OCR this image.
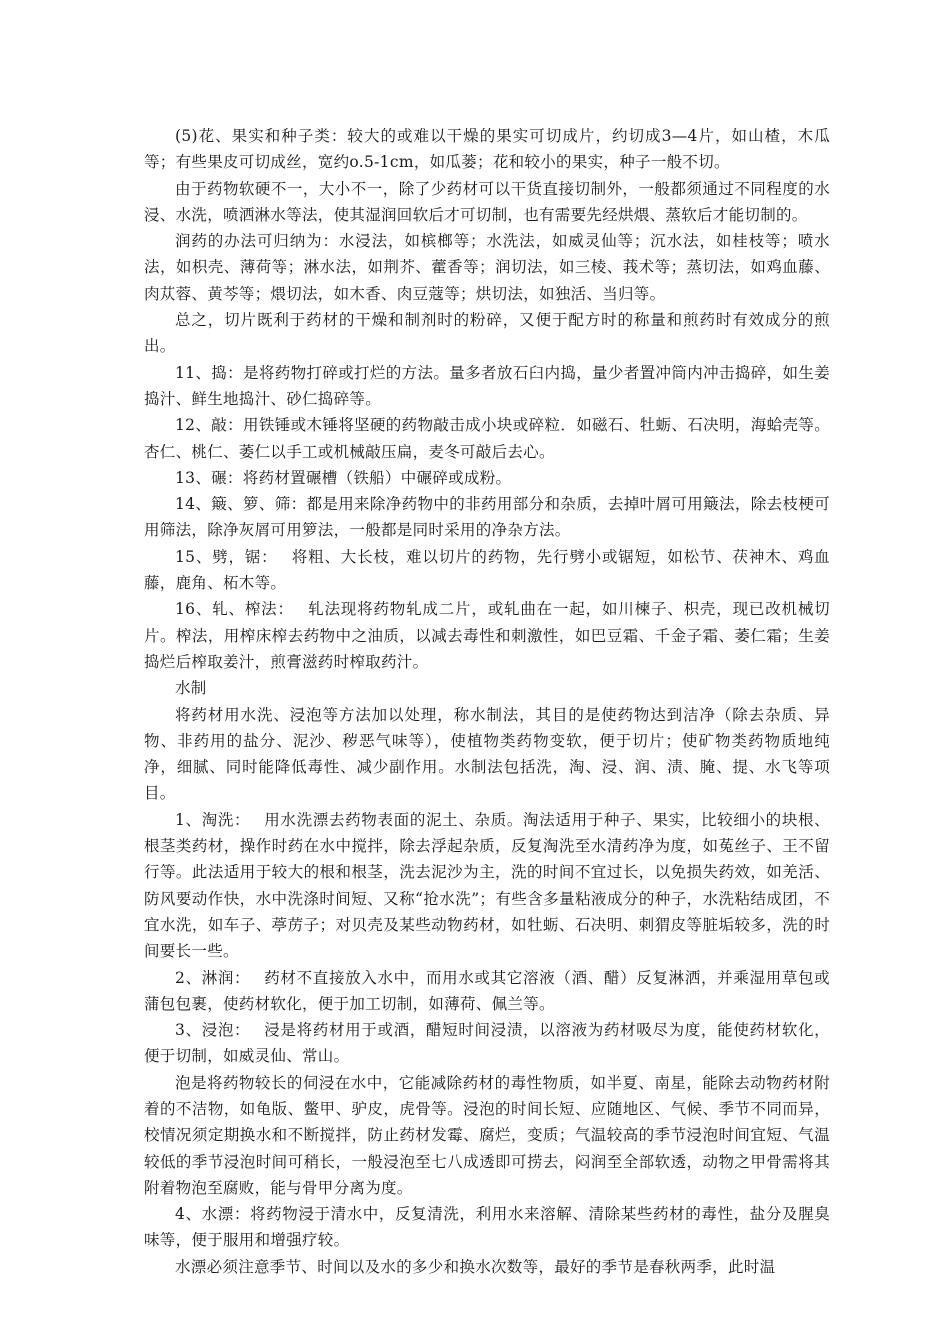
(5)花、果实和种子类：较大的或难以干燥的果实可切成片，约切成3—4片，如山楂，木瓜等；有些果皮可切成丝，宽约o.5-1cm，如瓜蒌；花和较小的果实，种子一般不切。

由于药物软硬不一，大小不一，除了少药材可以干货直接切制外，一般都须通过不同程度的水浸、水洗，喷洒淋水等法，使其湿润回软后才可切制，也有需要先经烘煨、蒸软后才能切制的。

润药的办法可归纳为：水浸法，如槟榔等；水洗法，如威灵仙等；沉水法，如桂枝等；喷水法，如枳壳、薄荷等；淋水法，如荆芥、藿香等；润切法，如三棱、莪术等；蒸切法，如鸡血藤、肉苁蓉、黄芩等；煨切法，如木香、肉豆蔻等；烘切法，如独活、当归等。

总之，切片既利于药材的干燥和制剂时的粉碎，又便于配方时的称量和煎药时有效成分的煎出。

11、捣：是将药物打碎或打烂的方法。量多者放石臼内捣，量少者置冲筒内冲击捣碎，如生姜捣汁、鲜生地捣汁、砂仁捣碎等。

12、敲：用铁锤或木锤将坚硬的药物敲击成小块或碎粒．如磁石、牡蛎、石决明，海蛤壳等。杏仁、桃仁、萎仁以手工或机械敲压扁，麦冬可敲后去心。

13、碾：将药材置碾槽（铁船）中碾碎或成粉。

14、簸、箩、筛：都是用来除净药物中的非药用部分和杂质，去掉叶屑可用簸法，除去枝梗可用筛法，除净灰屑可用箩法，一般都是同时采用的净杂方法。

15、劈，锯：　 将粗、大长枝，难以切片的药物，先行劈小或锯短，如松节、茯神木、鸡血藤，鹿角、柘木等。

16、轧、榨法：　 轧法现将药物轧成二片，或轧曲在一起，如川楝子、枳壳，现已改机械切片。榨法，用榨床榨去药物中之油质，以减去毒性和刺激性，如巴豆霜、千金子霜、萎仁霜；生姜捣烂后榨取姜汁，煎膏滋药时榨取药汁。

水制

将药材用水洗、浸泡等方法加以处理，称水制法，其目的是使药物达到洁净（除去杂质、异物、非药用的盐分、泥沙、秽恶气味等），使植物类药物变软，便于切片；使矿物类药物质地纯净，细腻、同时能降低毒性、减少副作用。水制法包括洗，淘、浸、润、渍、腌、提、水飞等项目。

1、淘洗：　 用水洗漂去药物表面的泥土、杂质。淘法适用于种子、果实，比较细小的块根、根茎类药材，操作时药在水中搅拌，除去浮起杂质，反复淘洗至水清药净为度，如菟丝子、王不留行等。此法适用于较大的根和根茎，洗去泥沙为主，洗的时间不宜过长，以免损失药效，如羌活、防风要动作快，水中洗涤时间短、又称“抢水洗”；有些含多量粘液成分的种子，水洗粘结成团，不宜水洗，如车子、葶苈子；对贝壳及某些动物药材，如牡蛎、石决明、刺猬皮等脏垢较多，洗的时间要长一些。

2、淋润：　 药材不直接放入水中，而用水或其它溶液（酒、醋）反复淋洒，并乘湿用草包或蒲包包裹，使药材软化，便于加工切制，如薄荷、佩兰等。

3、浸泡：　 浸是将药材用于或酒，醋短时间浸渍，以溶液为药材吸尽为度，能使药材软化，便于切制，如威灵仙、常山。

泡是将药物较长的伺浸在水中，它能减除药材的毒性物质，如半夏、南星，能除去动物药材附着的不洁物，如龟版、鳖甲、驴皮，虎骨等。浸泡的时间长短、应随地区、气候、季节不同而异，校情况须定期换水和不断搅拌，防止药材发霉、腐烂，变质；气温较高的季节浸泡时间宜短、气温较低的季节浸泡时间可稍长，一般浸泡至七八成透即可捞去，闷润至全部软透，动物之甲骨需将其附着物泡至腐败，能与骨甲分离为度。

4、水漂：将药物浸于清水中，反复清洗，利用水来溶解、清除某些药材的毒性，盐分及腥臭味等，便于服用和增强疗较。

水漂必须注意季节、时间以及水的多少和换水次数等，最好的季节是春秋两季，此时温
